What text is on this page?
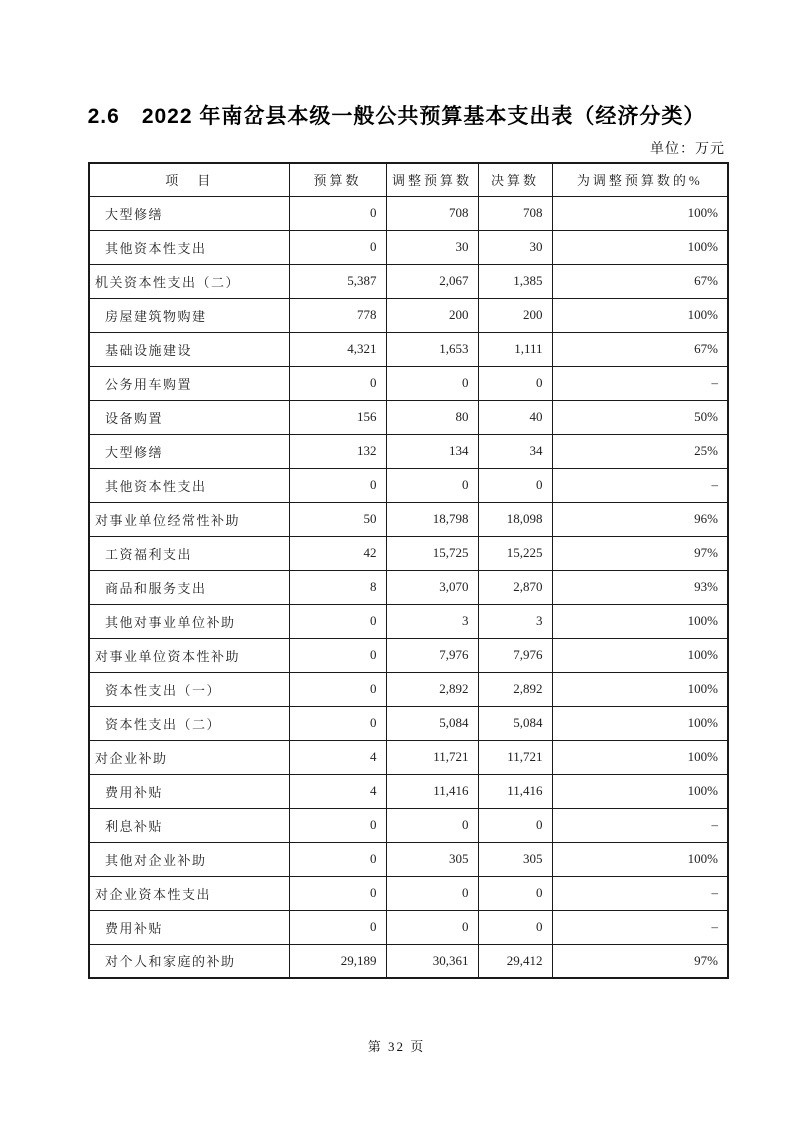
2.6　2022 年南岔县本级一般公共预算基本支出表（经济分类）
单位：万元
项　目	预算数	调整预算数	决算数	为调整预算数的%
大型修缮	0	708	708	100%
其他资本性支出	0	30	30	100%
机关资本性支出（二）	5,387	2,067	1,385	67%
房屋建筑物购建	778	200	200	100%
基础设施建设	4,321	1,653	1,111	67%
公务用车购置	0	0	0	–
设备购置	156	80	40	50%
大型修缮	132	134	34	25%
其他资本性支出	0	0	0	–
对事业单位经常性补助	50	18,798	18,098	96%
工资福利支出	42	15,725	15,225	97%
商品和服务支出	8	3,070	2,870	93%
其他对事业单位补助	0	3	3	100%
对事业单位资本性补助	0	7,976	7,976	100%
资本性支出（一）	0	2,892	2,892	100%
资本性支出（二）	0	5,084	5,084	100%
对企业补助	4	11,721	11,721	100%
费用补贴	4	11,416	11,416	100%
利息补贴	0	0	0	–
其他对企业补助	0	305	305	100%
对企业资本性支出	0	0	0	–
费用补贴	0	0	0	–
对个人和家庭的补助	29,189	30,361	29,412	97%
第 32 页
